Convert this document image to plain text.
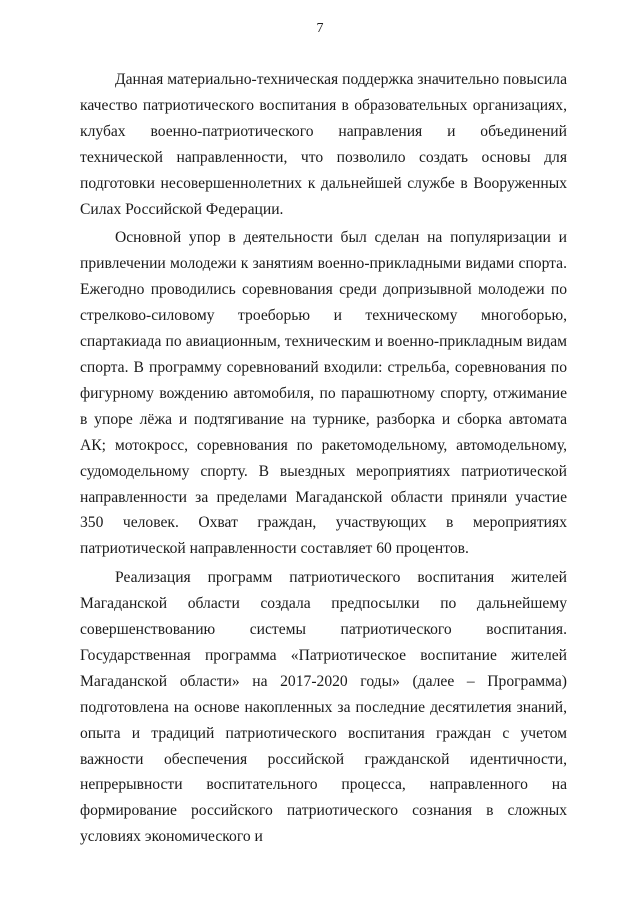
7

Данная материально-техническая поддержка значительно повысила качество патриотического воспитания в образовательных организациях, клубах военно-патриотического направления и объединений технической направленности, что позволило создать основы для подготовки несовершеннолетних к дальнейшей службе в Вооруженных Силах Российской Федерации.

Основной упор в деятельности был сделан на популяризации и привлечении молодежи к занятиям военно-прикладными видами спорта. Ежегодно проводились соревнования среди допризывной молодежи по стрелково-силовому троеборью и техническому многоборью, спартакиада по авиационным, техническим и военно-прикладным видам спорта. В программу соревнований входили: стрельба, соревнования по фигурному вождению автомобиля, по парашютному спорту, отжимание в упоре лёжа и подтягивание на турнике, разборка и сборка автомата АК; мотокросс, соревнования по ракетомодельному, автомодельному, судомодельному спорту. В выездных мероприятиях патриотической направленности за пределами Магаданской области приняли участие 350 человек. Охват граждан, участвующих в мероприятиях патриотической направленности составляет 60 процентов.

Реализация программ патриотического воспитания жителей Магаданской области создала предпосылки по дальнейшему совершенствованию системы патриотического воспитания. Государственная программа «Патриотическое воспитание жителей Магаданской области» на 2017-2020 годы» (далее – Программа) подготовлена на основе накопленных за последние десятилетия знаний, опыта и традиций патриотического воспитания граждан с учетом важности обеспечения российской гражданской идентичности, непрерывности воспитательного процесса, направленного на формирование российского патриотического сознания в сложных условиях экономического и
